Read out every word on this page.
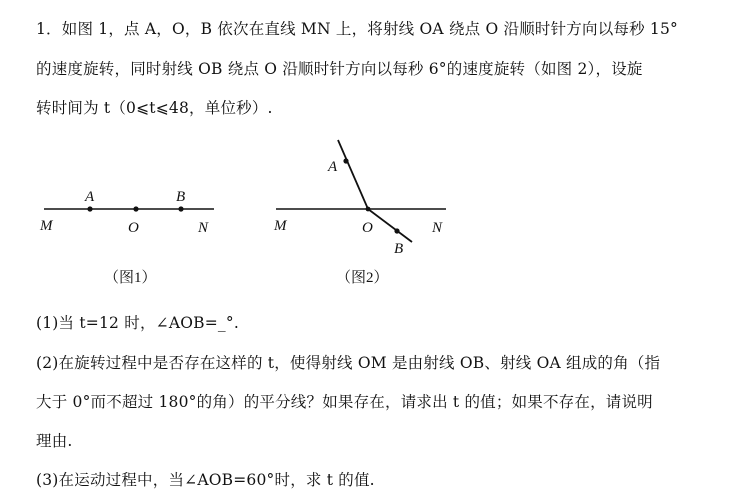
1．如图 1，点 A，O，B 依次在直线 MN 上，将射线 OA 绕点 O 沿顺时针方向以每秒 15°
的速度旋转，同时射线 OB 绕点 O 沿顺时针方向以每秒 6°的速度旋转（如图 2），设旋
转时间为 t（0⩽t⩽48，单位秒）.
A	B
M	O	N
（图1）
A
B
M	O	N
（图2）
(1)当 t=12 时，∠AOB=_°.
(2)在旋转过程中是否存在这样的 t，使得射线 OM 是由射线 OB、射线 OA 组成的角（指
大于 0°而不超过 180°的角）的平分线？如果存在，请求出 t 的值；如果不存在，请说明
理由.
(3)在运动过程中，当∠AOB=60°时，求 t 的值.
